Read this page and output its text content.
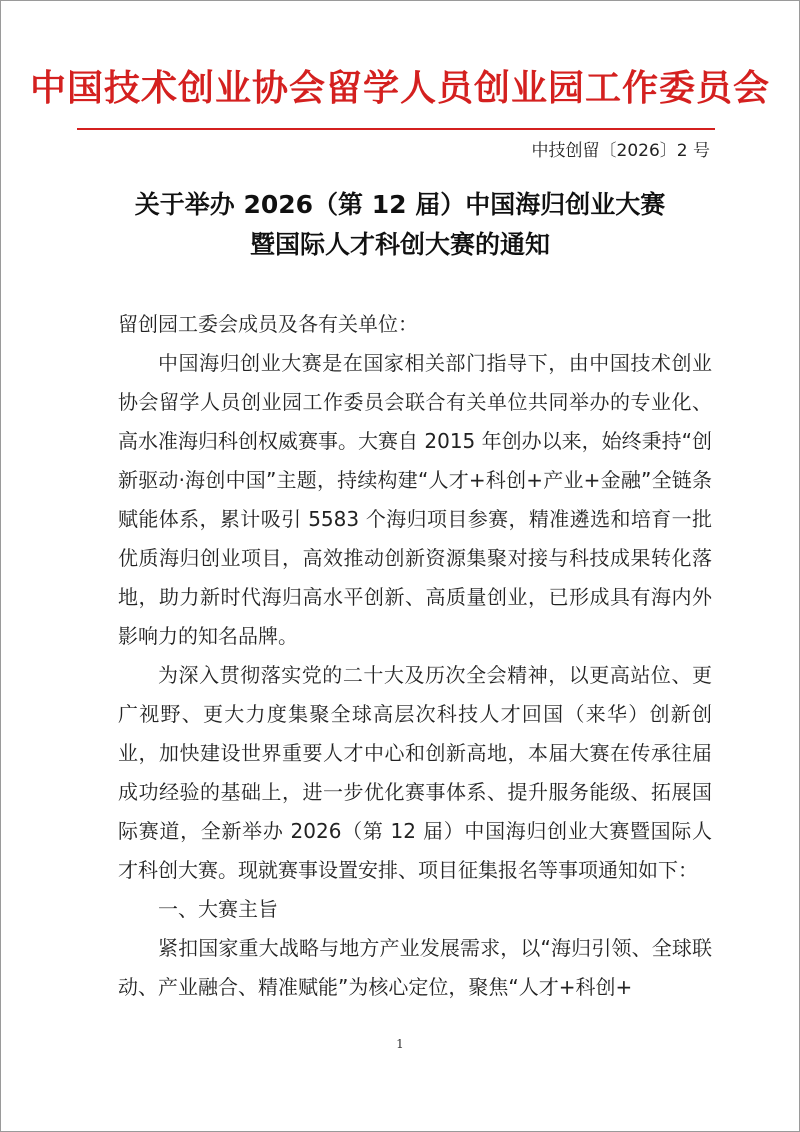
中国技术创业协会留学人员创业园工作委员会
中技创留〔2026〕2 号
关于举办 2026（第 12 届）中国海归创业大赛
暨国际人才科创大赛的通知

留创园工委会成员及各有关单位：

中国海归创业大赛是在国家相关部门指导下，由中国技术创业协会留学人员创业园工作委员会联合有关单位共同举办的专业化、高水准海归科创权威赛事。大赛自 2015 年创办以来，始终秉持“创新驱动·海创中国”主题，持续构建“人才+科创+产业+金融”全链条赋能体系，累计吸引 5583 个海归项目参赛，精准遴选和培育一批优质海归创业项目，高效推动创新资源集聚对接与科技成果转化落地，助力新时代海归高水平创新、高质量创业，已形成具有海内外影响力的知名品牌。

为深入贯彻落实党的二十大及历次全会精神，以更高站位、更广视野、更大力度集聚全球高层次科技人才回国（来华）创新创业，加快建设世界重要人才中心和创新高地，本届大赛在传承往届成功经验的基础上，进一步优化赛事体系、提升服务能级、拓展国际赛道，全新举办 2026（第 12 届）中国海归创业大赛暨国际人才科创大赛。现就赛事设置安排、项目征集报名等事项通知如下：

一、大赛主旨

紧扣国家重大战略与地方产业发展需求，以“海归引领、全球联动、产业融合、精准赋能”为核心定位，聚焦“人才+科创+

1
